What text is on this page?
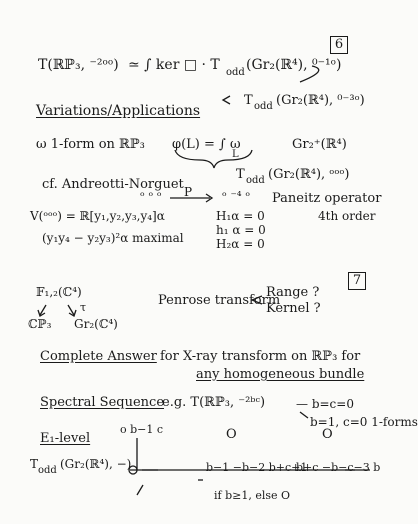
6
7
T(ℝℙ₃, ⁻²ᵒᵒ) ≃ ∫ ker □ · T odd (Gr₂(ℝ⁴), ⁰⁻¹ᵒ)
T odd (Gr₂(ℝ⁴), ⁰⁻³ᵒ)
Variations/Applications
ω 1-form on ℝℙ₃ φ(L) = ∫ ω
L
Gr₂⁺(ℝ⁴)
cf. Andreotti-Norguet
T odd (Gr₂(ℝ⁴), ᵒᵒᵒ)
ᵒ ᵒ ᵒ P ᵒ ⁻⁴ ᵒ Paneitz operator
4th order
V(ᵒᵒᵒ) = ℝ[y₁,y₂,y₃,y₄]α	H₁α = 0
h₁ α = 0
H₂α = 0
(y₁y₄ − y₂y₃)²α maximal
𝔽₁,₂(ℂ⁴)
τ
ℂℙ₃ Gr₂(ℂ⁴)
Penrose transform
Range ?
Kernel ?
Complete Answer for X-ray transform on ℝℙ₃ for
any homogeneous bundle
Spectral Sequence
e.g. T(ℝℙ₃, ⁻²ᵇᶜ)	— b=c=0
b=1, c=0 1-forms
E₁-level
o b−1 c	O	O
T odd (Gr₂(ℝ⁴), −)	b−1 −b−2 b+c+1
b+c −b−c−3 b
if b≥1, else O
